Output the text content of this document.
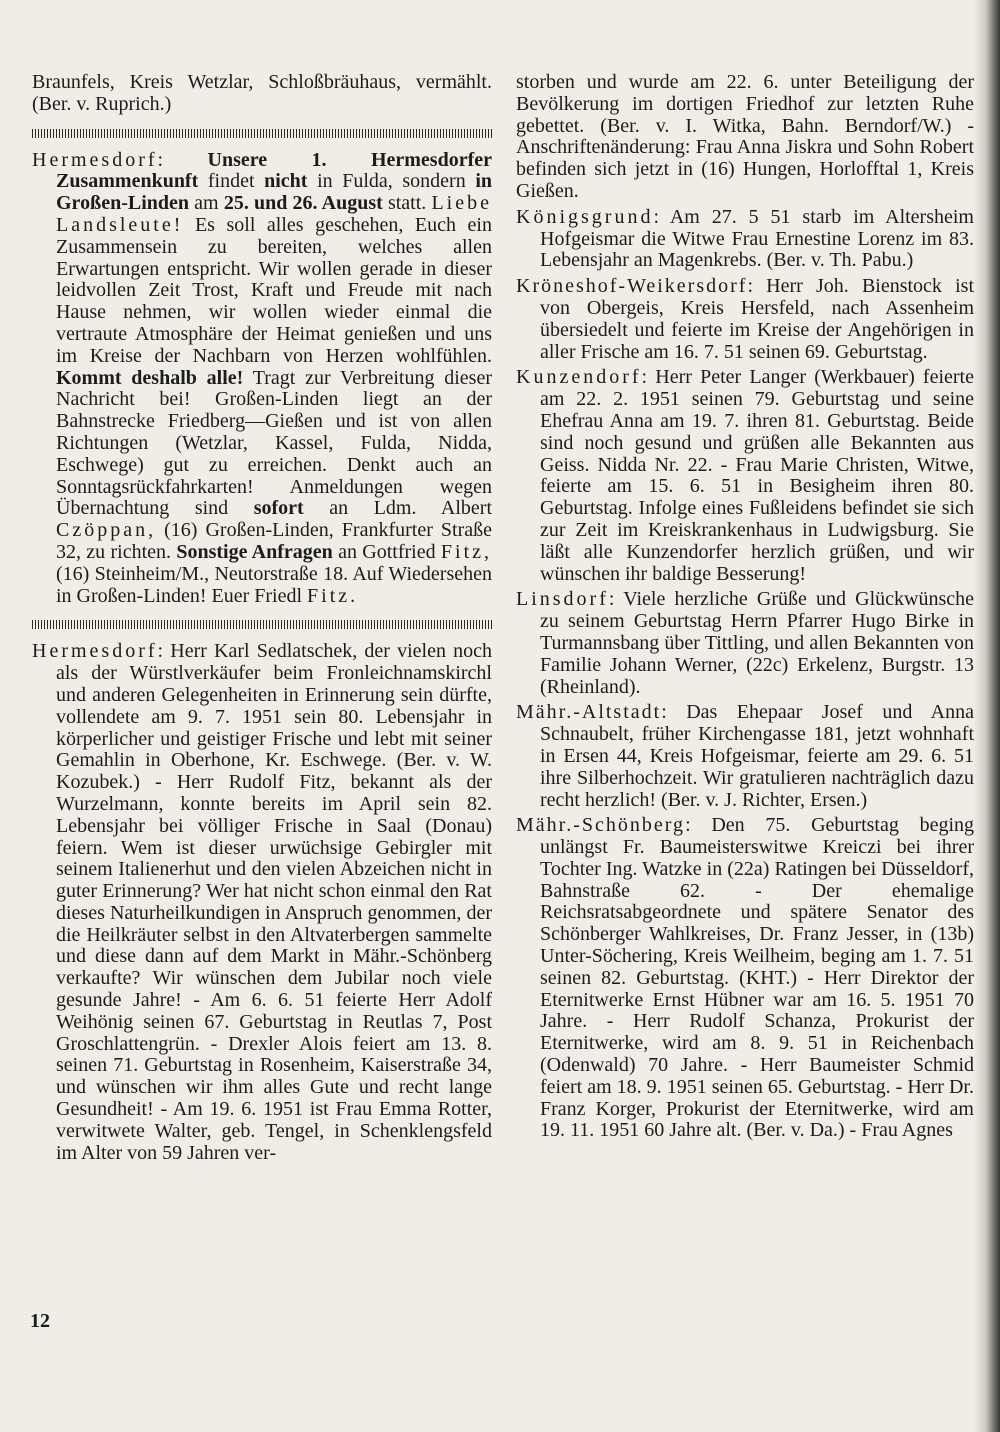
Braunfels, Kreis Wetzlar, Schloßbräuhaus, vermählt. (Ber. v. Ruprich.)

Hermesdorf: Unsere 1. Hermesdorfer Zusammenkunft findet nicht in Fulda, sondern in Großen-Linden am 25. und 26. August statt. Liebe Landsleute! Es soll alles geschehen, Euch ein Zusammensein zu bereiten, welches allen Erwartungen entspricht. Wir wollen gerade in dieser leidvollen Zeit Trost, Kraft und Freude mit nach Hause nehmen, wir wollen wieder einmal die vertraute Atmosphäre der Heimat genießen und uns im Kreise der Nachbarn von Herzen wohlfühlen. Kommt deshalb alle! Tragt zur Verbreitung dieser Nachricht bei! Großen-Linden liegt an der Bahnstrecke Friedberg—Gießen und ist von allen Richtungen (Wetzlar, Kassel, Fulda, Nidda, Eschwege) gut zu erreichen. Denkt auch an Sonntagsrückfahrkarten! Anmeldungen wegen Übernachtung sind sofort an Ldm. Albert Czöppan, (16) Großen-Linden, Frankfurter Straße 32, zu richten. Sonstige Anfragen an Gottfried Fitz, (16) Steinheim/M., Neutorstraße 18. Auf Wiedersehen in Großen-Linden! Euer Friedl Fitz.

Hermesdorf: Herr Karl Sedlatschek, der vielen noch als der Würstlverkäufer beim Fronleichnamskirchl und anderen Gelegenheiten in Erinnerung sein dürfte, vollendete am 9. 7. 1951 sein 80. Lebensjahr in körperlicher und geistiger Frische und lebt mit seiner Gemahlin in Oberhone, Kr. Eschwege. (Ber. v. W. Kozubek.) - Herr Rudolf Fitz, bekannt als der Wurzelmann, konnte bereits im April sein 82. Lebensjahr bei völliger Frische in Saal (Donau) feiern. Wem ist dieser urwüchsige Gebirgler mit seinem Italienerhut und den vielen Abzeichen nicht in guter Erinnerung? Wer hat nicht schon einmal den Rat dieses Naturheilkundigen in Anspruch genommen, der die Heilkräuter selbst in den Altvaterbergen sammelte und diese dann auf dem Markt in Mähr.-Schönberg verkaufte? Wir wünschen dem Jubilar noch viele gesunde Jahre! - Am 6. 6. 51 feierte Herr Adolf Weihönig seinen 67. Geburtstag in Reutlas 7, Post Groschlattengrün. - Drexler Alois feiert am 13. 8. seinen 71. Geburtstag in Rosenheim, Kaiserstraße 34, und wünschen wir ihm alles Gute und recht lange Gesundheit! - Am 19. 6. 1951 ist Frau Emma Rotter, verwitwete Walter, geb. Tengel, in Schenklengsfeld im Alter von 59 Jahren ver-

storben und wurde am 22. 6. unter Beteiligung der Bevölkerung im dortigen Friedhof zur letzten Ruhe gebettet. (Ber. v. I. Witka, Bahn. Berndorf/W.) - Anschriftenänderung: Frau Anna Jiskra und Sohn Robert befinden sich jetzt in (16) Hungen, Horlofftal 1, Kreis Gießen.

Königsgrund: Am 27. 5 51 starb im Altersheim Hofgeismar die Witwe Frau Ernestine Lorenz im 83. Lebensjahr an Magenkrebs. (Ber. v. Th. Pabu.)

Kröneshof-Weikersdorf: Herr Joh. Bienstock ist von Obergeis, Kreis Hersfeld, nach Assenheim übersiedelt und feierte im Kreise der Angehörigen in aller Frische am 16. 7. 51 seinen 69. Geburtstag.

Kunzendorf: Herr Peter Langer (Werkbauer) feierte am 22. 2. 1951 seinen 79. Geburtstag und seine Ehefrau Anna am 19. 7. ihren 81. Geburtstag. Beide sind noch gesund und grüßen alle Bekannten aus Geiss. Nidda Nr. 22. - Frau Marie Christen, Witwe, feierte am 15. 6. 51 in Besigheim ihren 80. Geburtstag. Infolge eines Fußleidens befindet sie sich zur Zeit im Kreiskrankenhaus in Ludwigsburg. Sie läßt alle Kunzendorfer herzlich grüßen, und wir wünschen ihr baldige Besserung!

Linsdorf: Viele herzliche Grüße und Glückwünsche zu seinem Geburtstag Herrn Pfarrer Hugo Birke in Turmannsbang über Tittling, und allen Bekannten von Familie Johann Werner, (22c) Erkelenz, Burgstr. 13 (Rheinland).

Mähr.-Altstadt: Das Ehepaar Josef und Anna Schnaubelt, früher Kirchengasse 181, jetzt wohnhaft in Ersen 44, Kreis Hofgeismar, feierte am 29. 6. 51 ihre Silberhochzeit. Wir gratulieren nachträglich dazu recht herzlich! (Ber. v. J. Richter, Ersen.)

Mähr.-Schönberg: Den 75. Geburtstag beging unlängst Fr. Baumeisterswitwe Kreiczi bei ihrer Tochter Ing. Watzke in (22a) Ratingen bei Düsseldorf, Bahnstraße 62. - Der ehemalige Reichsratsabgeordnete und spätere Senator des Schönberger Wahlkreises, Dr. Franz Jesser, in (13b) Unter-Söchering, Kreis Weilheim, beging am 1. 7. 51 seinen 82. Geburtstag. (KHT.) - Herr Direktor der Eternitwerke Ernst Hübner war am 16. 5. 1951 70 Jahre. - Herr Rudolf Schanza, Prokurist der Eternitwerke, wird am 8. 9. 51 in Reichenbach (Odenwald) 70 Jahre. - Herr Baumeister Schmid feiert am 18. 9. 1951 seinen 65. Geburtstag. - Herr Dr. Franz Korger, Prokurist der Eternitwerke, wird am 19. 11. 1951 60 Jahre alt. (Ber. v. Da.) - Frau Agnes

12
